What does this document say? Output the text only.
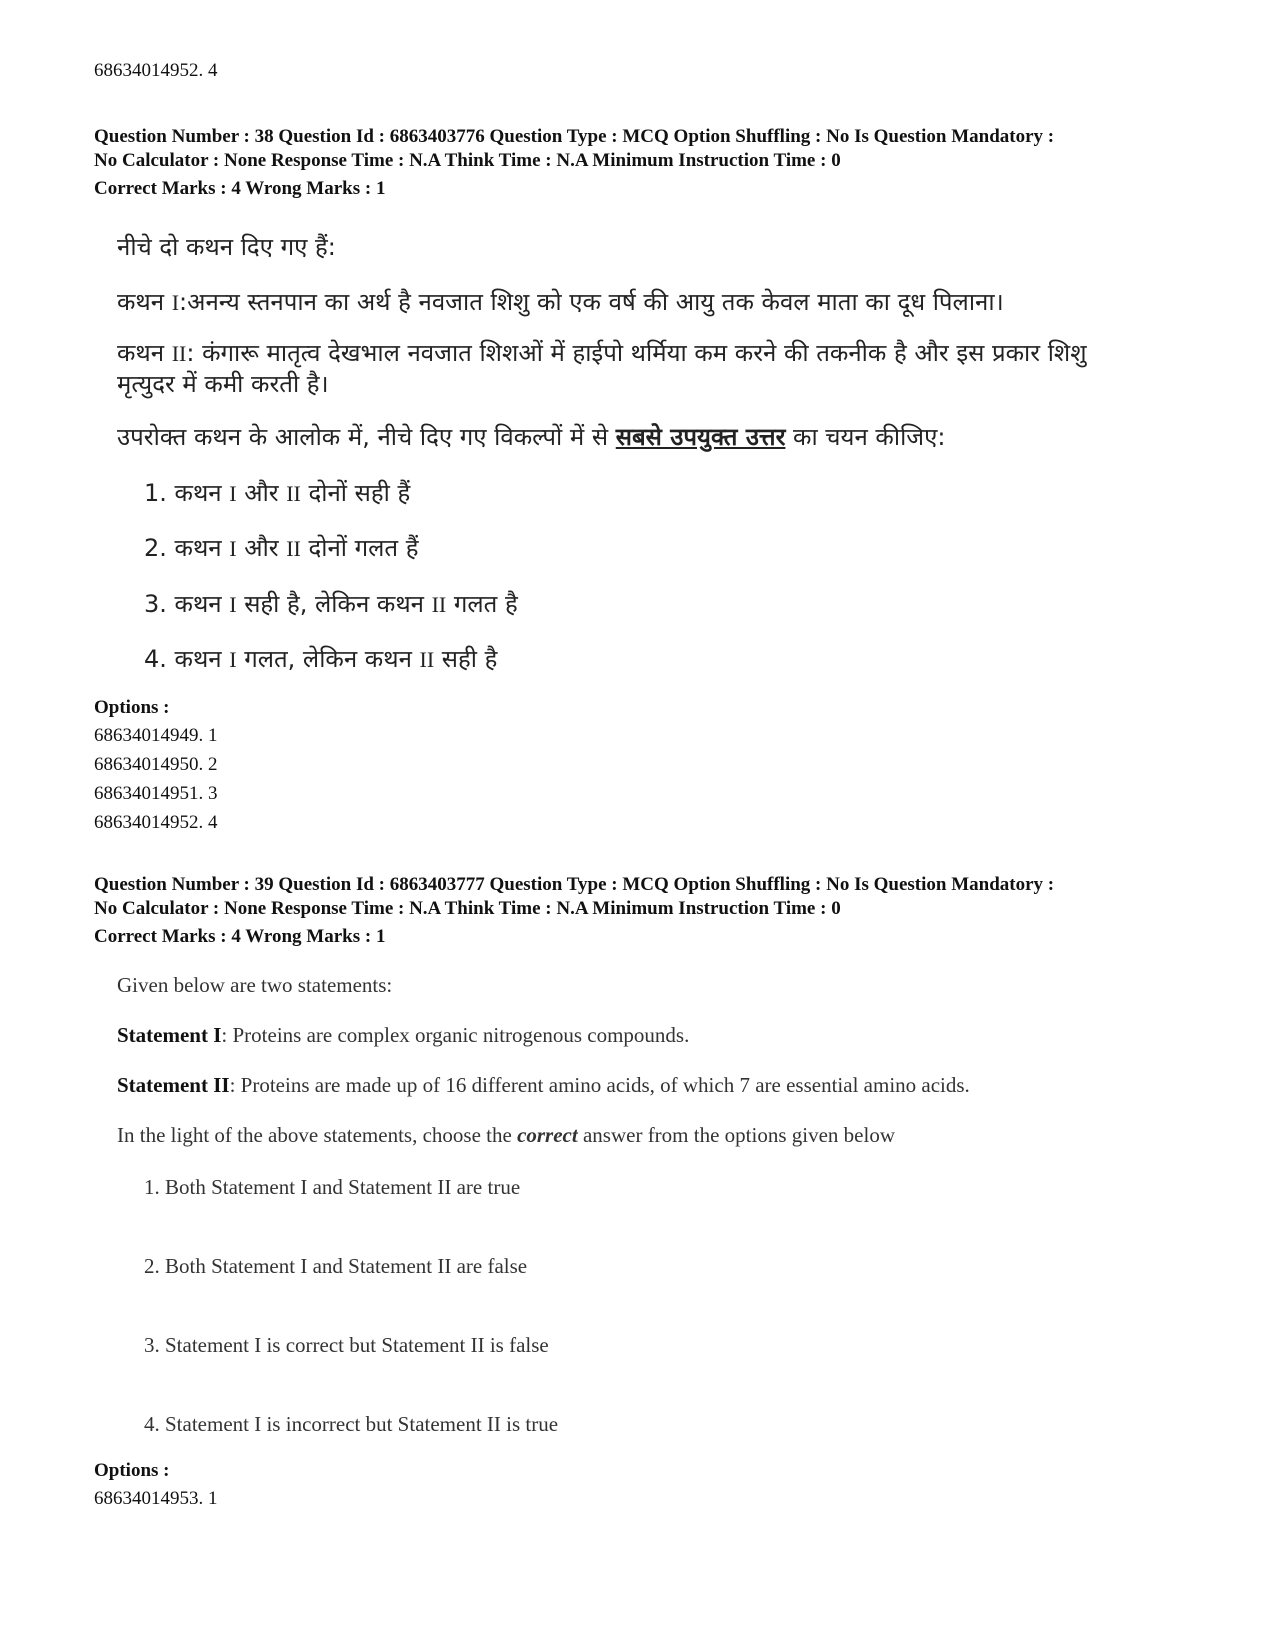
68634014952. 4
Question Number : 38 Question Id : 6863403776 Question Type : MCQ Option Shuffling : No Is Question Mandatory :
No Calculator : None Response Time : N.A Think Time : N.A Minimum Instruction Time : 0
Correct Marks : 4 Wrong Marks : 1
नीचे दो कथन दिए गए हैं:
कथन I:अनन्य स्तनपान का अर्थ है नवजात शिशु को एक वर्ष की आयु तक केवल माता का दूध पिलाना।
कथन II: कंगारू मातृत्व देखभाल नवजात शिशओं में हाईपो थर्मिया कम करने की तकनीक है और इस प्रकार शिशु
मृत्युदर में कमी करती है।
उपरोक्त कथन के आलोक में, नीचे दिए गए विकल्पों में से सबसे उपयुक्त उत्तर का चयन कीजिए:
1. कथन I और II दोनों सही हैं
2. कथन I और II दोनों गलत हैं
3. कथन I सही है, लेकिन कथन II गलत है
4. कथन I गलत, लेकिन कथन II सही है
Options :
68634014949. 1
68634014950. 2
68634014951. 3
68634014952. 4
Question Number : 39 Question Id : 6863403777 Question Type : MCQ Option Shuffling : No Is Question Mandatory :
No Calculator : None Response Time : N.A Think Time : N.A Minimum Instruction Time : 0
Correct Marks : 4 Wrong Marks : 1
Given below are two statements:
Statement I: Proteins are complex organic nitrogenous compounds.
Statement II: Proteins are made up of 16 different amino acids, of which 7 are essential amino acids.
In the light of the above statements, choose the correct answer from the options given below
1. Both Statement I and Statement II are true
2. Both Statement I and Statement II are false
3. Statement I is correct but Statement II is false
4. Statement I is incorrect but Statement II is true
Options :
68634014953. 1
